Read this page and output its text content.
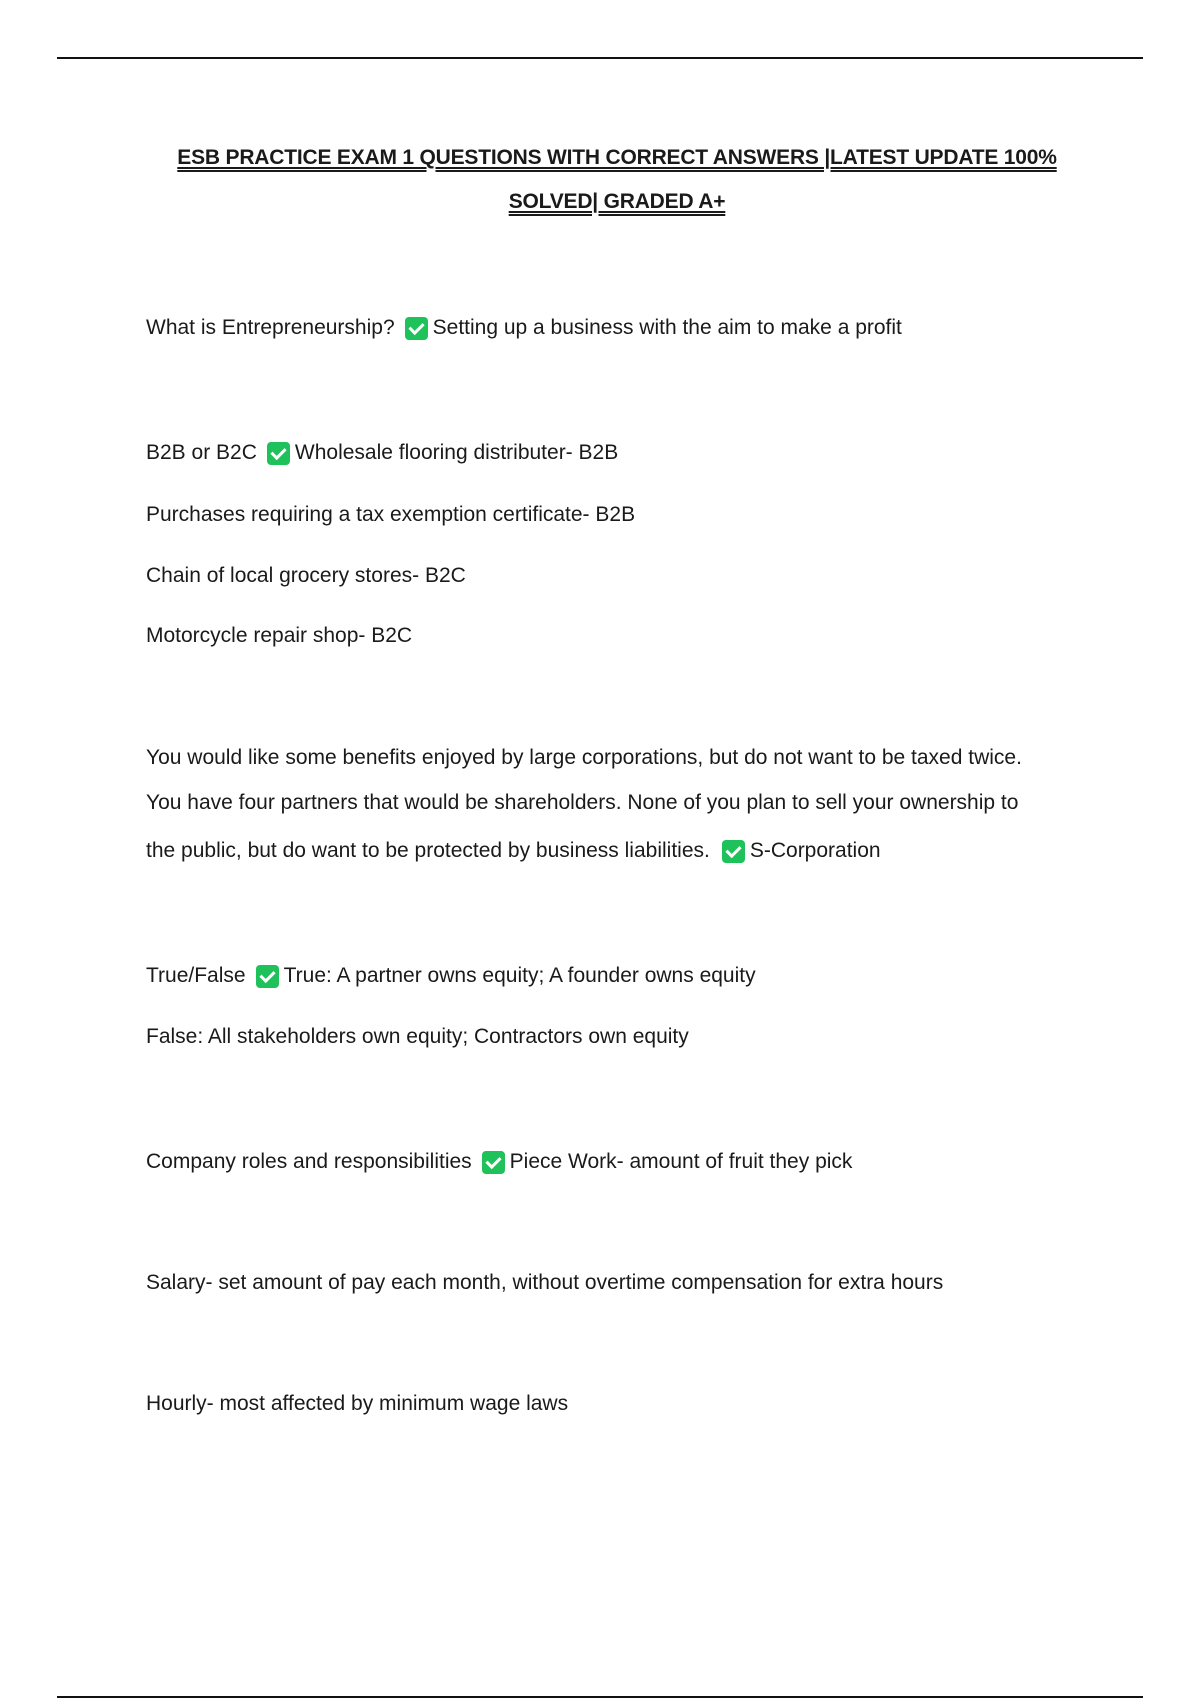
ESB PRACTICE EXAM 1 QUESTIONS WITH CORRECT ANSWERS |LATEST UPDATE 100%
SOLVED| GRADED A+
What is Entrepreneurship? Setting up a business with the aim to make a profit
B2B or B2C Wholesale flooring distributer- B2B
Purchases requiring a tax exemption certificate- B2B
Chain of local grocery stores- B2C
Motorcycle repair shop- B2C
You would like some benefits enjoyed by large corporations, but do not want to be taxed twice.
You have four partners that would be shareholders. None of you plan to sell your ownership to
the public, but do want to be protected by business liabilities. S-Corporation
True/False True: A partner owns equity; A founder owns equity
False: All stakeholders own equity; Contractors own equity
Company roles and responsibilities Piece Work- amount of fruit they pick
Salary- set amount of pay each month, without overtime compensation for extra hours
Hourly- most affected by minimum wage laws
